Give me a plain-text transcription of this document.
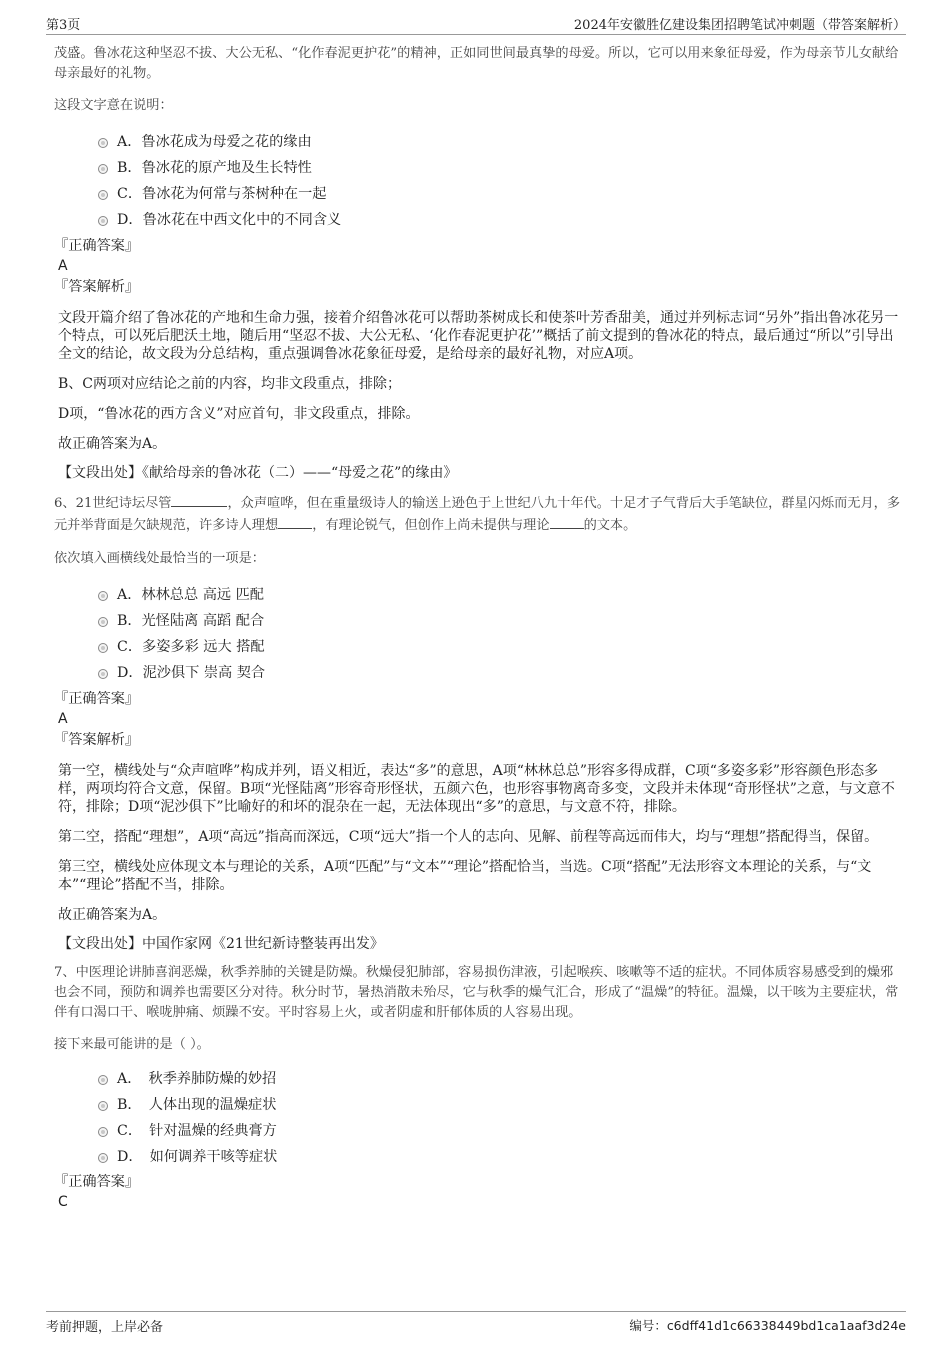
第3页	2024年安徽胜亿建设集团招聘笔试冲刺题（带答案解析）
茂盛。鲁冰花这种坚忍不拔、大公无私、“化作春泥更护花”的精神，正如同世间最真挚的母爱。所以，它可以用来象征母爱，作为母亲节儿女献给母亲最好的礼物。
这段文字意在说明：
A．鲁冰花成为母爱之花的缘由
B．鲁冰花的原产地及生长特性
C．鲁冰花为何常与茶树种在一起
D．鲁冰花在中西文化中的不同含义
『正确答案』
A
『答案解析』
文段开篇介绍了鲁冰花的产地和生命力强，接着介绍鲁冰花可以帮助茶树成长和使茶叶芳香甜美，通过并列标志词“另外”指出鲁冰花另一个特点，可以死后肥沃土地，随后用“坚忍不拔、大公无私、‘化作春泥更护花’”概括了前文提到的鲁冰花的特点，最后通过“所以”引导出全文的结论，故文段为分总结构，重点强调鲁冰花象征母爱，是给母亲的最好礼物，对应A项。
B、C两项对应结论之前的内容，均非文段重点，排除；
D项，“鲁冰花的西方含义”对应首句，非文段重点，排除。
故正确答案为A。
【文段出处】《献给母亲的鲁冰花（二）——“母爱之花”的缘由》
6、21世纪诗坛尽管	，众声喧哗，但在重量级诗人的输送上逊色于上世纪八九十年代。十足才子气背后大手笔缺位，群星闪烁而无月，多元并举背面是欠缺规范，许多诗人理想	，有理论锐气，但创作上尚未提供与理论	的文本。
依次填入画横线处最恰当的一项是：
A．林林总总 高远 匹配
B．光怪陆离 高蹈 配合
C．多姿多彩 远大 搭配
D．泥沙俱下 崇高 契合
『正确答案』
A
『答案解析』
第一空，横线处与“众声喧哗”构成并列，语义相近，表达“多”的意思，A项“林林总总”形容多得成群，C项“多姿多彩”形容颜色形态多样，两项均符合文意，保留。B项“光怪陆离”形容奇形怪状，五颜六色，也形容事物离奇多变，文段并未体现“奇形怪状”之意，与文意不符，排除；D项“泥沙俱下”比喻好的和坏的混杂在一起，无法体现出“多”的意思，与文意不符，排除。
第二空，搭配“理想”，A项“高远”指高而深远，C项“远大”指一个人的志向、见解、前程等高远而伟大，均与“理想”搭配得当，保留。
第三空，横线处应体现文本与理论的关系，A项“匹配”与“文本”“理论”搭配恰当，当选。C项“搭配”无法形容文本理论的关系，与“文本”“理论”搭配不当，排除。
故正确答案为A。
【文段出处】中国作家网《21世纪新诗整装再出发》
7、中医理论讲肺喜润恶燥，秋季养肺的关键是防燥。秋燥侵犯肺部，容易损伤津液，引起喉疾、咳嗽等不适的症状。不同体质容易感受到的燥邪也会不同，预防和调养也需要区分对待。秋分时节，暑热消散未殆尽，它与秋季的燥气汇合，形成了“温燥”的特征。温燥，以干咳为主要症状，常伴有口渴口干、喉咙肿痛、烦躁不安。平时容易上火，或者阴虚和肝郁体质的人容易出现。
接下来最可能讲的是（ ）。
A．　秋季养肺防燥的妙招
B．　人体出现的温燥症状
C．　针对温燥的经典膏方
D．　如何调养干咳等症状
『正确答案』
C
考前押题，上岸必备	编号：c6dff41d1c66338449bd1ca1aaf3d24e
